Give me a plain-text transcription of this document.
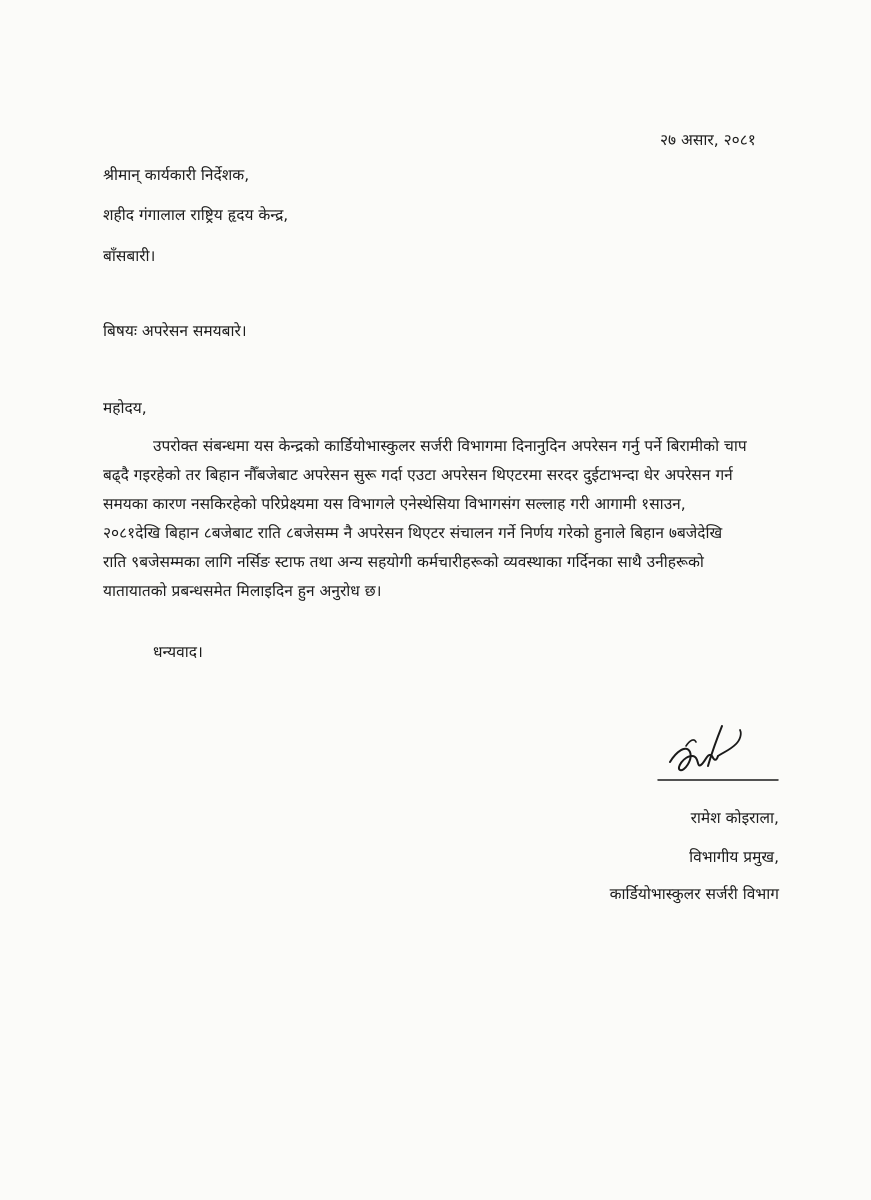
२७ असार, २०८१
श्रीमान् कार्यकारी निर्देशक,
शहीद गंगालाल राष्ट्रिय हृदय केन्द्र,
बाँसबारी।
बिषयः अपरेसन समयबारे।
महोदय,

उपरोक्त संबन्धमा यस केन्द्रको कार्डियोभास्कुलर सर्जरी विभागमा दिनानुदिन अपरेसन गर्नु पर्ने बिरामीको चाप
बढ्दै गइरहेको तर बिहान नौँबजेबाट अपरेसन सुरू गर्दा एउटा अपरेसन थिएटरमा सरदर दुईटाभन्दा धेर अपरेसन गर्न
समयका कारण नसकिरहेको परिप्रेक्ष्यमा यस विभागले एनेस्थेसिया विभागसंग सल्लाह गरी आगामी १साउन,
२०८१देखि बिहान ८बजेबाट राति ८बजेसम्म नै अपरेसन थिएटर संचालन गर्ने निर्णय गरेको हुनाले बिहान ७बजेदेखि
राति ९बजेसम्मका लागि नर्सिङ स्टाफ तथा अन्य सहयोगी कर्मचारीहरूको व्यवस्थाका गर्दिनका साथै उनीहरूको
यातायातको प्रबन्धसमेत मिलाइदिन हुन अनुरोध छ।

धन्यवाद।
रामेश कोइराला,
विभागीय प्रमुख,
कार्डियोभास्कुलर सर्जरी विभाग
